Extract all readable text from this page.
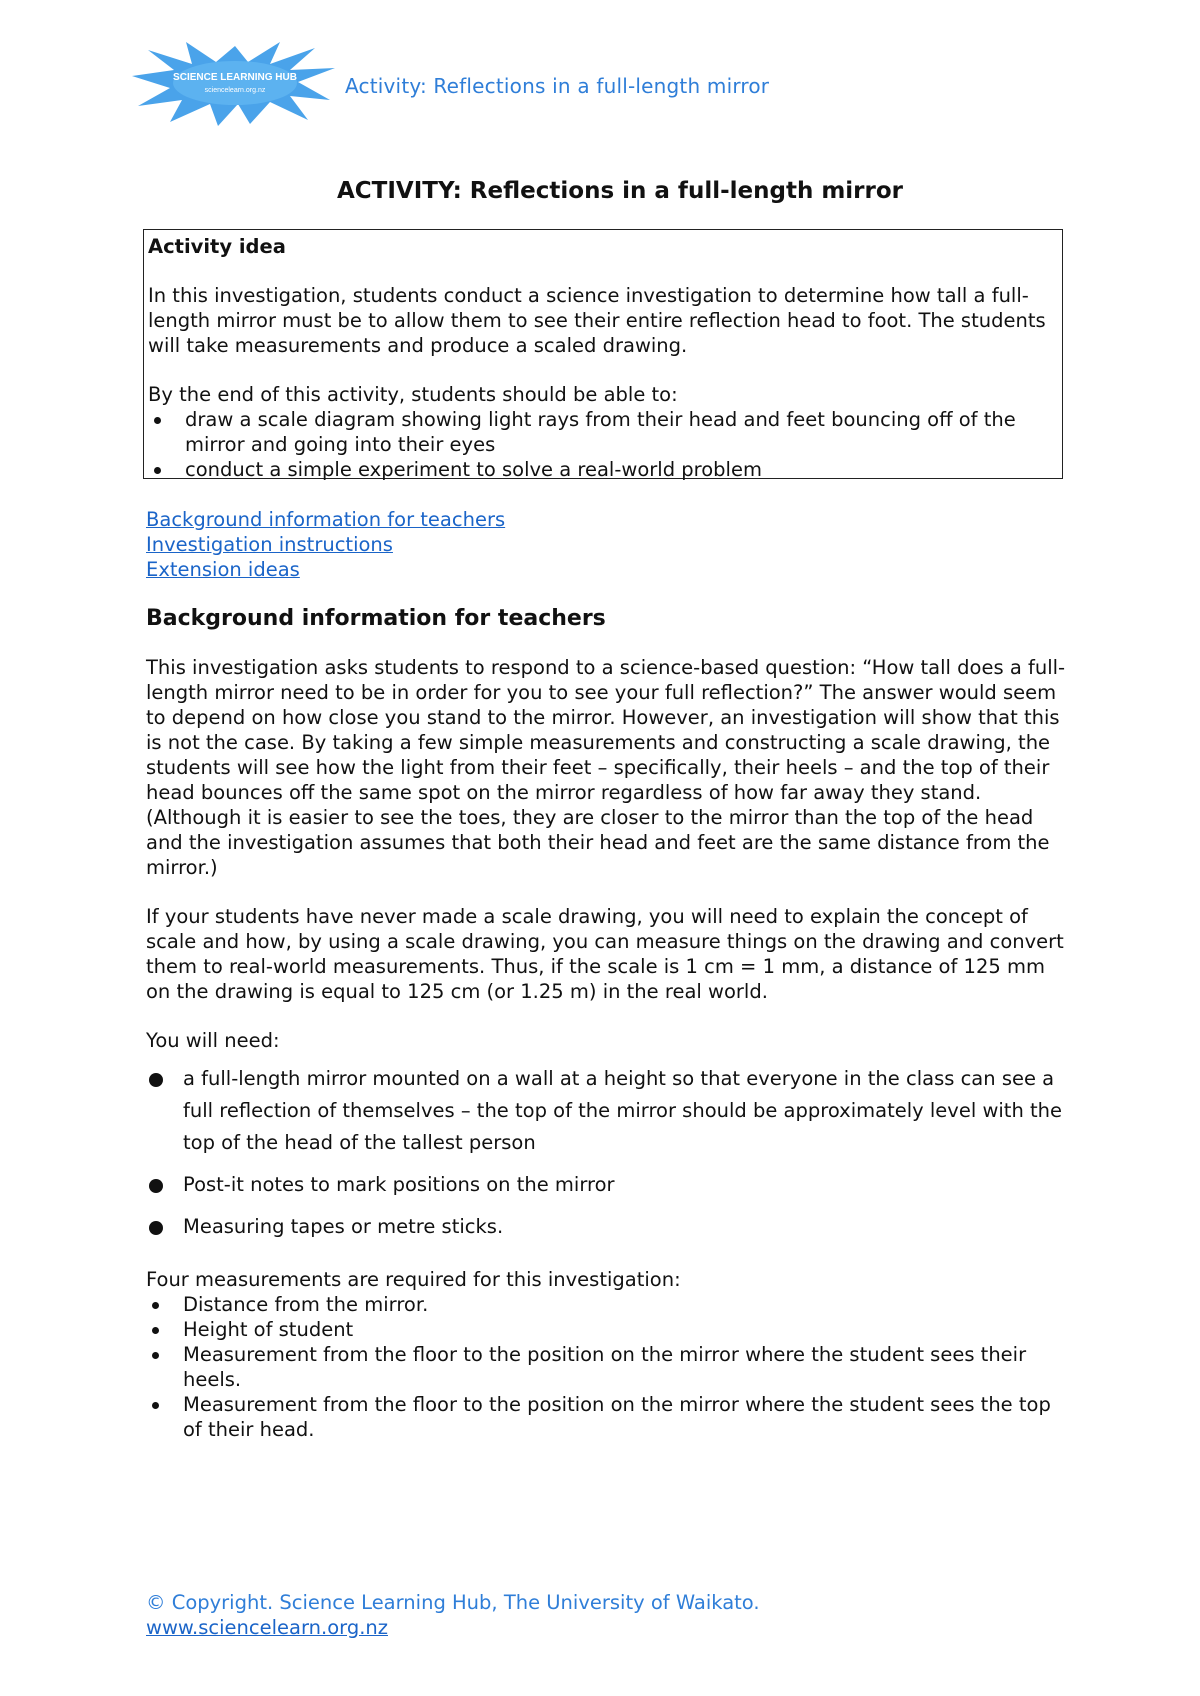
SCIENCE LEARNING HUB
sciencelearn.org.nz	Activity: Reflections in a full-length mirror
ACTIVITY: Reflections in a full-length mirror
Activity idea

In this investigation, students conduct a science investigation to determine how tall a full-length mirror must be to allow them to see their entire reflection head to foot. The students will take measurements and produce a scaled drawing.

By the end of this activity, students should be able to:

draw a scale diagram showing light rays from their head and feet bouncing off of the mirror and going into their eyes
conduct a simple experiment to solve a real-world problem
Background information for teachers
Investigation instructions
Extension ideas
Background information for teachers

This investigation asks students to respond to a science-based question: “How tall does a full-length mirror need to be in order for you to see your full reflection?” The answer would seem to depend on how close you stand to the mirror. However, an investigation will show that this is not the case. By taking a few simple measurements and constructing a scale drawing, the students will see how the light from their feet – specifically, their heels – and the top of their head bounces off the same spot on the mirror regardless of how far away they stand. (Although it is easier to see the toes, they are closer to the mirror than the top of the head and the investigation assumes that both their head and feet are the same distance from the mirror.)

If your students have never made a scale drawing, you will need to explain the concept of scale and how, by using a scale drawing, you can measure things on the drawing and convert them to real-world measurements. Thus, if the scale is 1 cm = 1 mm, a distance of 125 mm on the drawing is equal to 125 cm (or 1.25 m) in the real world.

You will need:

a full-length mirror mounted on a wall at a height so that everyone in the class can see a full reflection of themselves – the top of the mirror should be approximately level with the top of the head of the tallest person
Post-it notes to mark positions on the mirror
Measuring tapes or metre sticks.

Four measurements are required for this investigation:

Distance from the mirror.
Height of student
Measurement from the floor to the position on the mirror where the student sees their heels.
Measurement from the floor to the position on the mirror where the student sees the top of their head.
© Copyright. Science Learning Hub, The University of Waikato.
www.sciencelearn.org.nz
